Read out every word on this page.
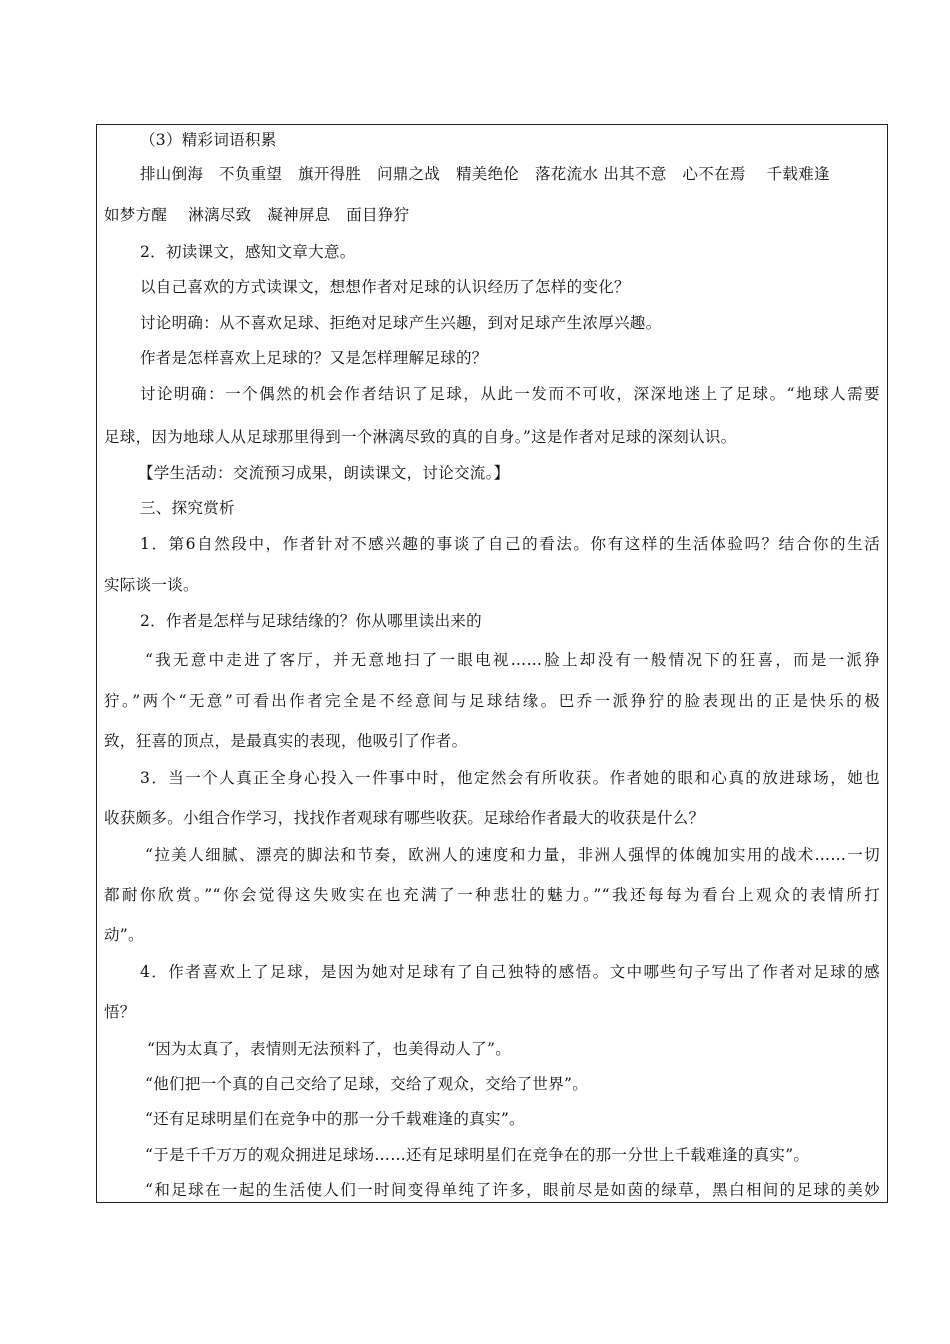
（3）精彩词语积累
排山倒海　不负重望　旗开得胜　问鼎之战　精美绝伦　落花流水 出其不意　心不在焉　 千载难逢
如梦方醒　 淋漓尽致　凝神屏息　面目狰狞
2．初读课文，感知文章大意。
以自己喜欢的方式读课文，想想作者对足球的认识经历了怎样的变化？
讨论明确：从不喜欢足球、拒绝对足球产生兴趣，到对足球产生浓厚兴趣。
作者是怎样喜欢上足球的？又是怎样理解足球的？
讨论明确：一个偶然的机会作者结识了足球，从此一发而不可收，深深地迷上了足球。“地球人需要
足球，因为地球人从足球那里得到一个淋漓尽致的真的自身。”这是作者对足球的深刻认识。
【学生活动：交流预习成果，朗读课文，讨论交流。】
三、探究赏析
1．第6自然段中，作者针对不感兴趣的事谈了自己的看法。你有这样的生活体验吗？结合你的生活
实际谈一谈。
2．作者是怎样与足球结缘的？你从哪里读出来的
“我无意中走进了客厅，并无意地扫了一眼电视……脸上却没有一般情况下的狂喜，而是一派狰
狞。”两个“无意”可看出作者完全是不经意间与足球结缘。巴乔一派狰狞的脸表现出的正是快乐的极
致，狂喜的顶点，是最真实的表现，他吸引了作者。
3．当一个人真正全身心投入一件事中时，他定然会有所收获。作者她的眼和心真的放进球场，她也
收获颇多。小组合作学习，找找作者观球有哪些收获。足球给作者最大的收获是什么？
“拉美人细腻、漂亮的脚法和节奏，欧洲人的速度和力量，非洲人强悍的体魄加实用的战术……一切
都耐你欣赏。”“你会觉得这失败实在也充满了一种悲壮的魅力。”“我还每每为看台上观众的表情所打
动”。
4．作者喜欢上了足球，是因为她对足球有了自己独特的感悟。文中哪些句子写出了作者对足球的感
悟？
“因为太真了，表情则无法预料了，也美得动人了”。
“他们把一个真的自己交给了足球，交给了观众，交给了世界”。
“还有足球明星们在竞争中的那一分千载难逢的真实”。
“于是千千万万的观众拥进足球场……还有足球明星们在竞争在的那一分世上千载难逢的真实”。
“和足球在一起的生活使人们一时间变得单纯了许多，眼前尽是如茵的绿草，黑白相间的足球的美妙
